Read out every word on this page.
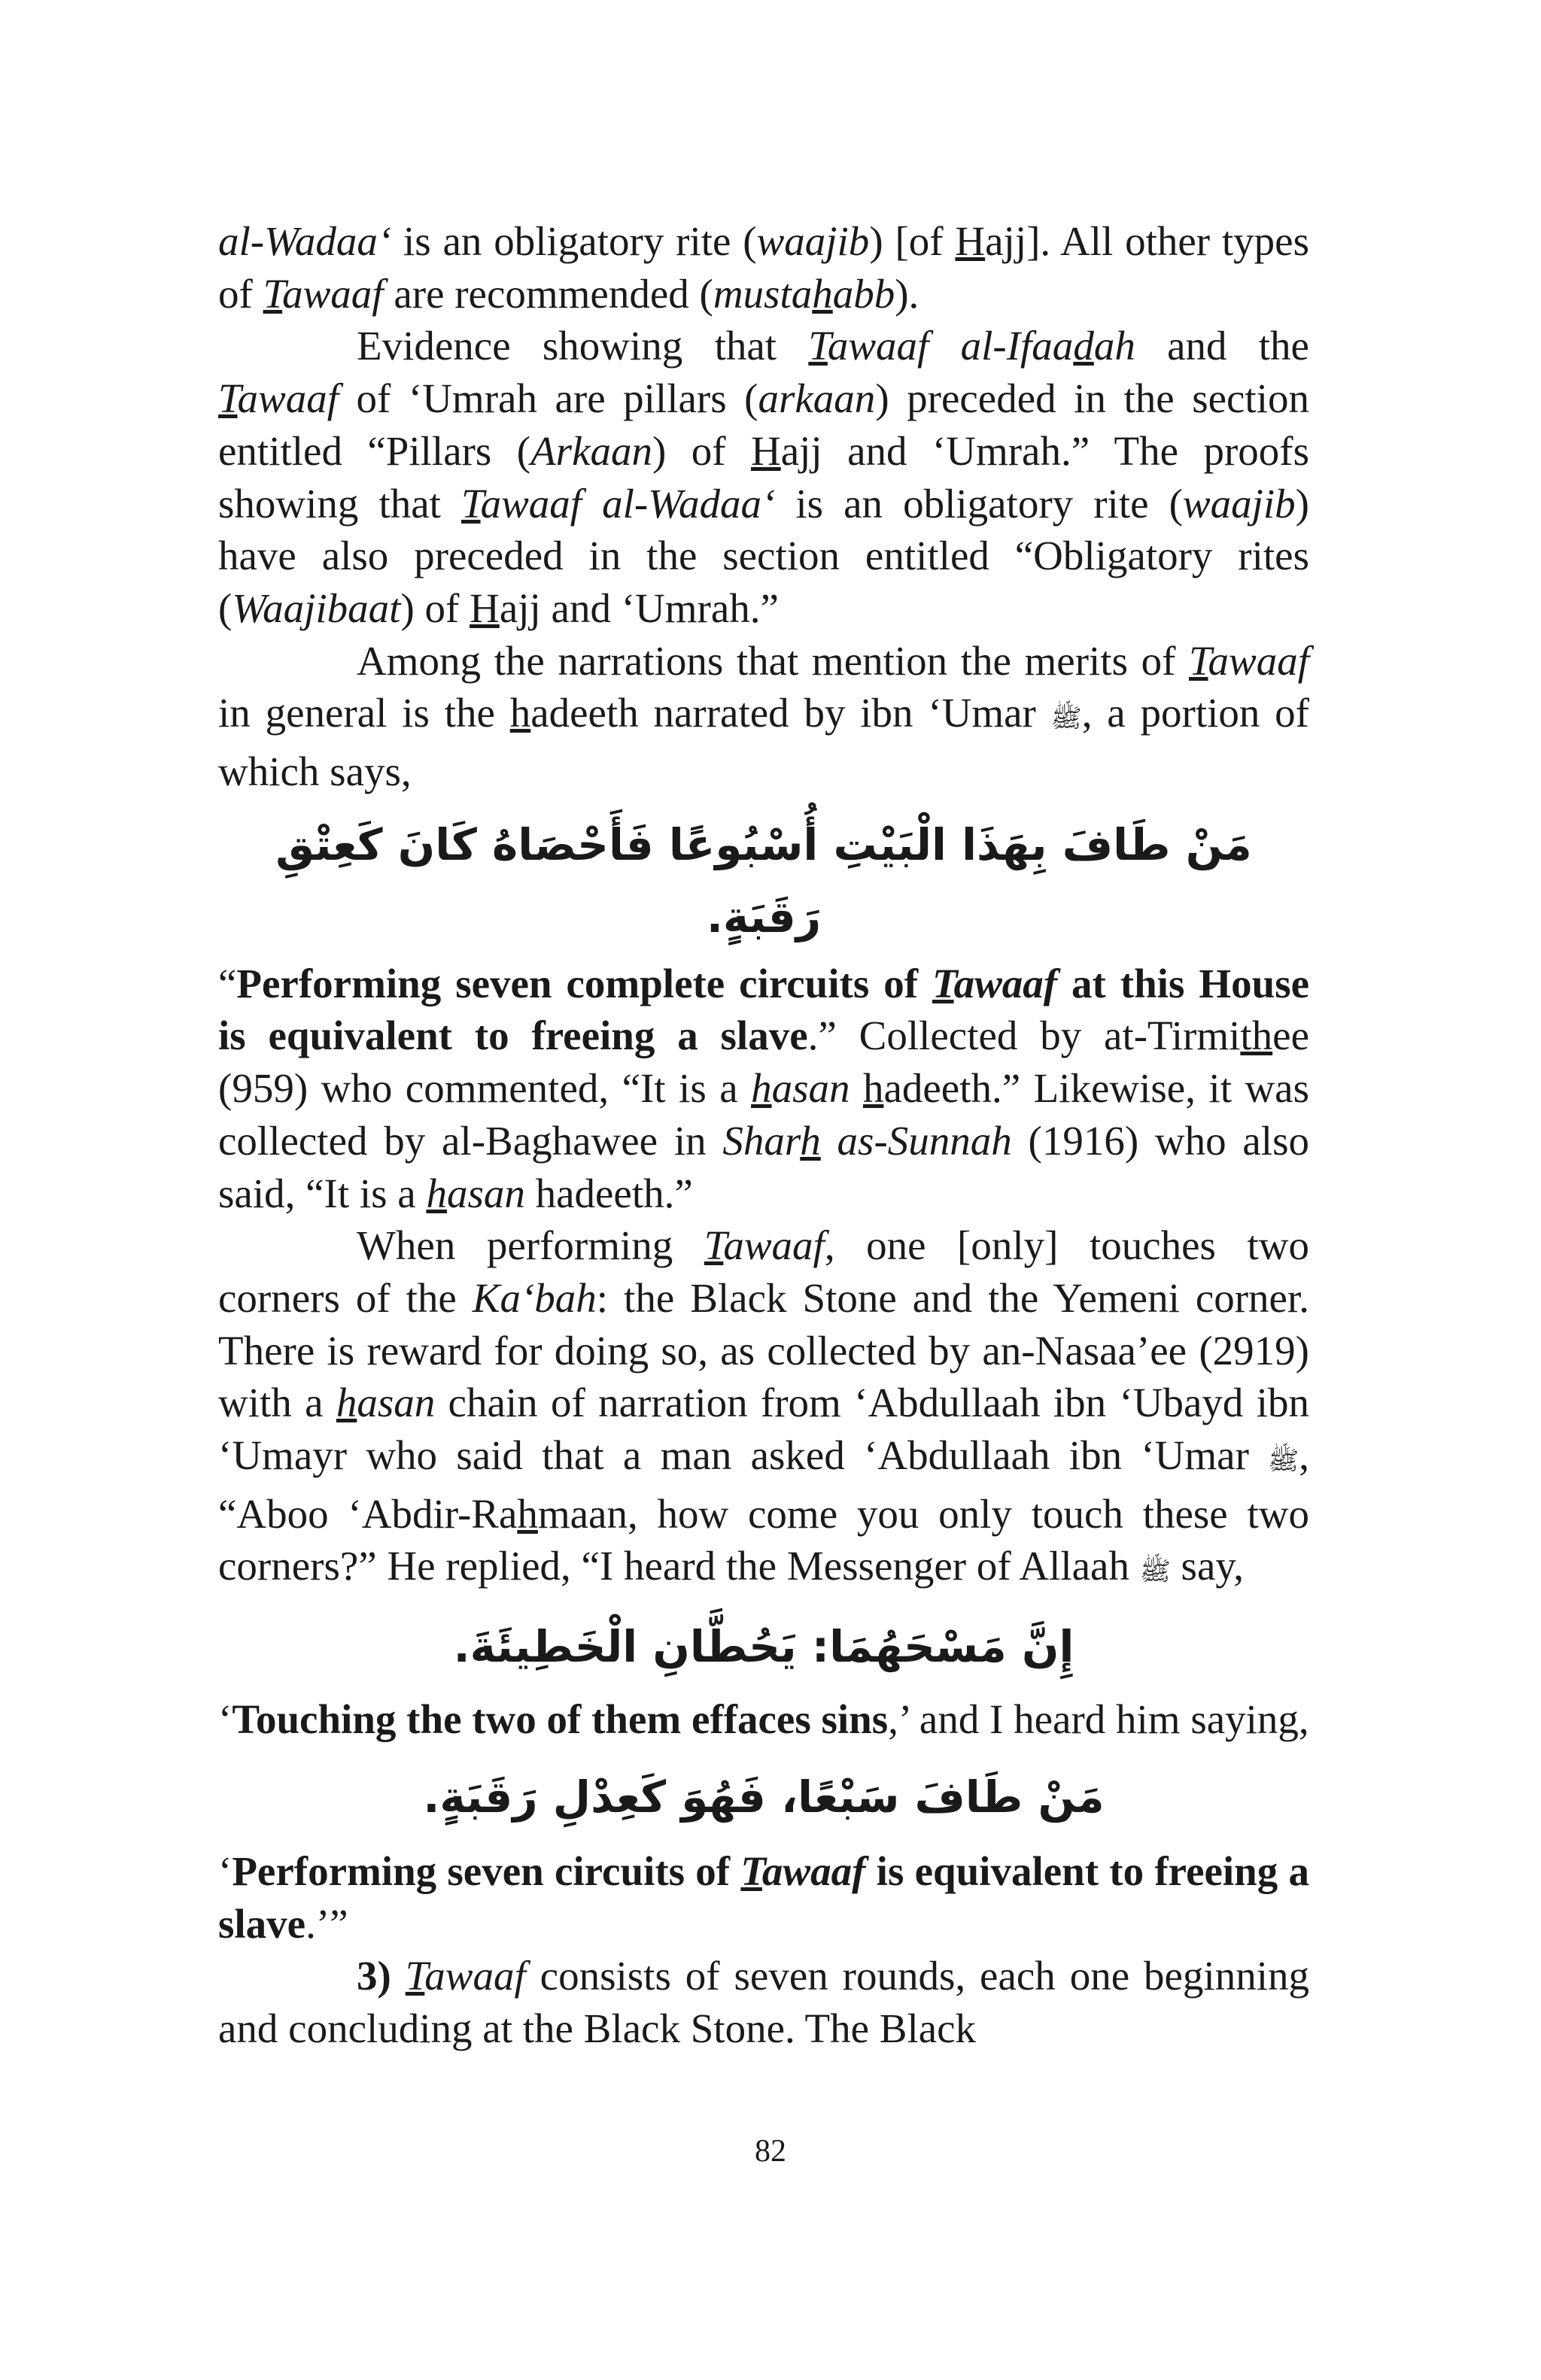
al-Wadaa‘ is an obligatory rite (waajib) [of Hajj]. All other types of Tawaaf are recommended (mustahabb).

Evidence showing that Tawaaf al-Ifaadah and the Tawaaf of ‘Umrah are pillars (arkaan) preceded in the section entitled “Pillars (Arkaan) of Hajj and ‘Umrah.” The proofs showing that Tawaaf al-Wadaa‘ is an obligatory rite (waajib) have also preceded in the section entitled “Obligatory rites (Waajibaat) of Hajj and ‘Umrah.”

Among the narrations that mention the merits of Tawaaf in general is the hadeeth narrated by ibn ‘Umar ﷺ, a portion of which says,

مَنْ طَافَ بِهَذَا الْبَيْتِ أُسْبُوعًا فَأَحْصَاهُ كَانَ كَعِتْقِ رَقَبَةٍ.

“Performing seven complete circuits of Tawaaf at this House is equivalent to freeing a slave.” Collected by at-Tirmithee (959) who commented, “It is a hasan hadeeth.” Likewise, it was collected by al-Baghawee in Sharh as-Sunnah (1916) who also said, “It is a hasan hadeeth.”

When performing Tawaaf, one [only] touches two corners of the Ka‘bah: the Black Stone and the Yemeni corner. There is reward for doing so, as collected by an-Nasaa’ee (2919) with a hasan chain of narration from ‘Abdullaah ibn ‘Ubayd ibn ‘Umayr who said that a man asked ‘Abdullaah ibn ‘Umar ﷺ, “Aboo ‘Abdir-Rahmaan, how come you only touch these two corners?” He replied, “I heard the Messenger of Allaah ﷺ say,

إِنَّ مَسْحَهُمَا: يَحُطَّانِ الْخَطِيئَةَ.

‘Touching the two of them effaces sins,’ and I heard him saying,

مَنْ طَافَ سَبْعًا، فَهُوَ كَعِدْلِ رَقَبَةٍ.

‘Performing seven circuits of Tawaaf is equivalent to freeing a slave.’”

3) Tawaaf consists of seven rounds, each one beginning and concluding at the Black Stone. The Black

82
